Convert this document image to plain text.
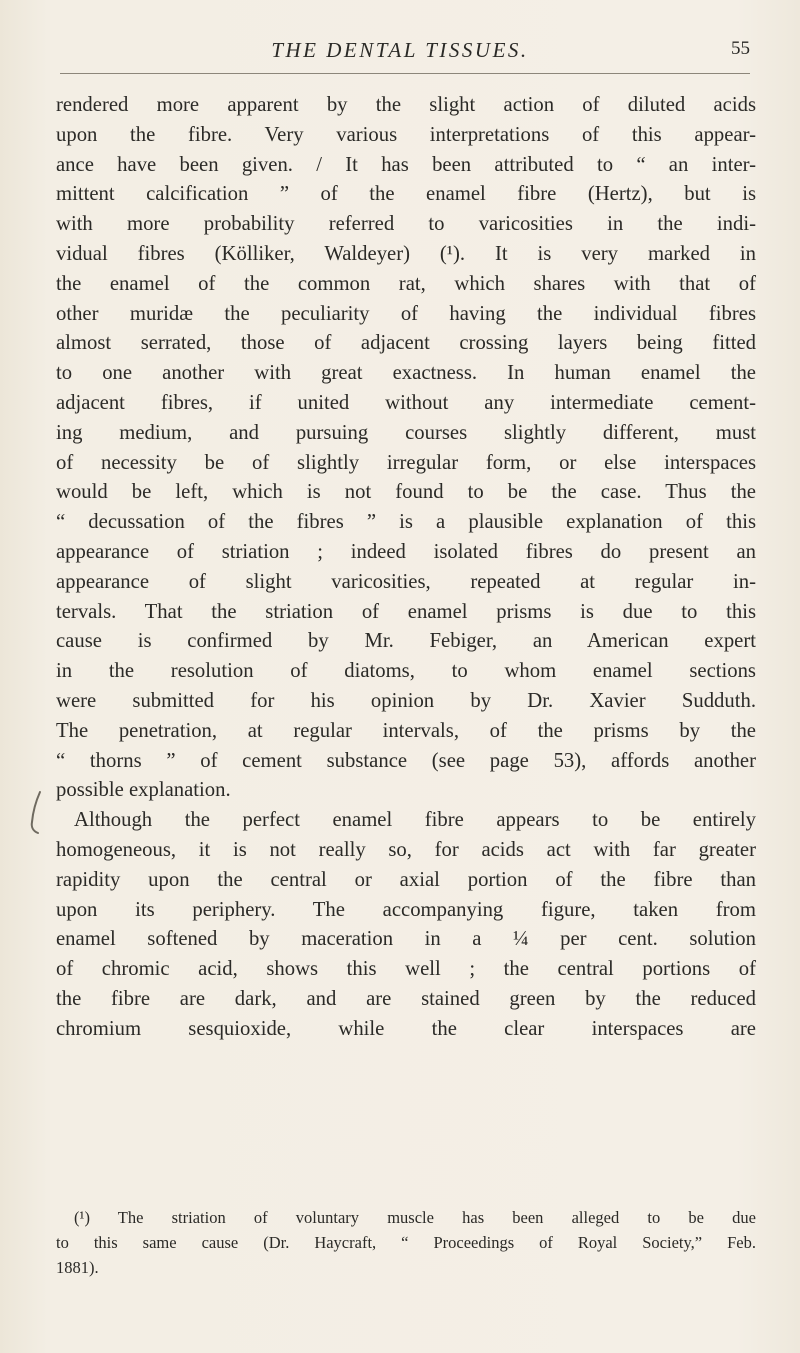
THE DENTAL TISSUES.	55
rendered more apparent by the slight action of diluted acids
upon the fibre. Very various interpretations of this appear-
ance have been given. / It has been attributed to “ an inter-
mittent calcification ” of the enamel fibre (Hertz), but is
with more probability referred to varicosities in the indi-
vidual fibres (Kölliker, Waldeyer) (¹). It is very marked in
the enamel of the common rat, which shares with that of
other muridæ the peculiarity of having the individual fibres
almost serrated, those of adjacent crossing layers being fitted
to one another with great exactness. In human enamel the
adjacent fibres, if united without any intermediate cement-
ing medium, and pursuing courses slightly different, must
of necessity be of slightly irregular form, or else interspaces
would be left, which is not found to be the case. Thus the
“ decussation of the fibres ” is a plausible explanation of this
appearance of striation ; indeed isolated fibres do present an
appearance of slight varicosities, repeated at regular in-
tervals. That the striation of enamel prisms is due to this
cause is confirmed by Mr. Febiger, an American expert
in the resolution of diatoms, to whom enamel sections
were submitted for his opinion by Dr. Xavier Sudduth.
The penetration, at regular intervals, of the prisms by the
“ thorns ” of cement substance (see page 53), affords another
possible explanation.
Although the perfect enamel fibre appears to be entirely
homogeneous, it is not really so, for acids act with far greater
rapidity upon the central or axial portion of the fibre than
upon its periphery. The accompanying figure, taken from
enamel softened by maceration in a ¼ per cent. solution
of chromic acid, shows this well ; the central portions of
the fibre are dark, and are stained green by the reduced
chromium sesquioxide, while the clear interspaces are
(¹) The striation of voluntary muscle has been alleged to be due
to this same cause (Dr. Haycraft, “ Proceedings of Royal Society,” Feb.
1881).
